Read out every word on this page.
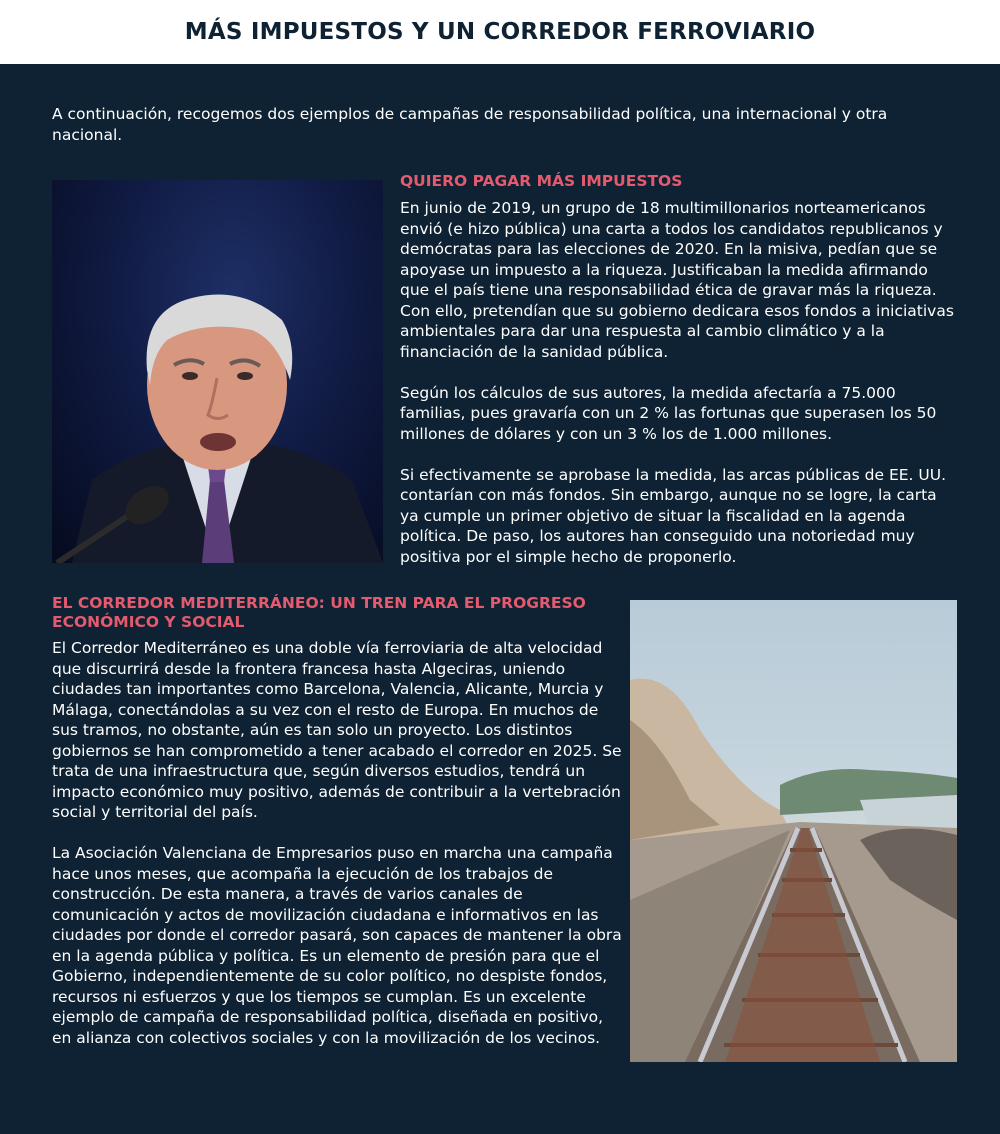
MÁS IMPUESTOS Y UN CORREDOR FERROVIARIO

A continuación, recogemos dos ejemplos de campañas de responsabilidad política, una internacional y otra nacional.

QUIERO PAGAR MÁS IMPUESTOS

En junio de 2019, un grupo de 18 multimillonarios norteamericanos envió (e hizo pública) una carta a todos los candidatos republicanos y demócratas para las elecciones de 2020. En la misiva, pedían que se apoyase un impuesto a la riqueza. Justificaban la medida afirmando que el país tiene una responsabilidad ética de gravar más la riqueza. Con ello, pretendían que su gobierno dedicara esos fondos a iniciativas ambientales para dar una respuesta al cambio climático y a la financiación de la sanidad pública.

Según los cálculos de sus autores, la medida afectaría a 75.000 familias, pues gravaría con un 2 % las fortunas que superasen los 50 millones de dólares y con un 3 % los de 1.000 millones.

Si efectivamente se aprobase la medida, las arcas públicas de EE. UU. contarían con más fondos. Sin embargo, aunque no se logre, la carta ya cumple un primer objetivo de situar la fiscalidad en la agenda política. De paso, los autores han conseguido una notoriedad muy positiva por el simple hecho de proponerlo.

EL CORREDOR MEDITERRÁNEO: UN TREN PARA EL PROGRESO ECONÓMICO Y SOCIAL

El Corredor Mediterráneo es una doble vía ferroviaria de alta velocidad que discurrirá desde la frontera francesa hasta Algeciras, uniendo ciudades tan importantes como Barcelona, Valencia, Alicante, Murcia y Málaga, conectándolas a su vez con el resto de Europa. En muchos de sus tramos, no obstante, aún es tan solo un proyecto. Los distintos gobiernos se han comprometido a tener acabado el corredor en 2025. Se trata de una infraestructura que, según diversos estudios, tendrá un impacto económico muy positivo, además de contribuir a la vertebración social y territorial del país.

La Asociación Valenciana de Empresarios puso en marcha una campaña hace unos meses, que acompaña la ejecución de los trabajos de construcción. De esta manera, a través de varios canales de comunicación y actos de movilización ciudadana e informativos en las ciudades por donde el corredor pasará, son capaces de mantener la obra en la agenda pública y política. Es un elemento de presión para que el Gobierno, independientemente de su color político, no despiste fondos, recursos ni esfuerzos y que los tiempos se cumplan. Es un excelente ejemplo de campaña de responsabilidad política, diseñada en positivo, en alianza con colectivos sociales y con la movilización de los vecinos.
